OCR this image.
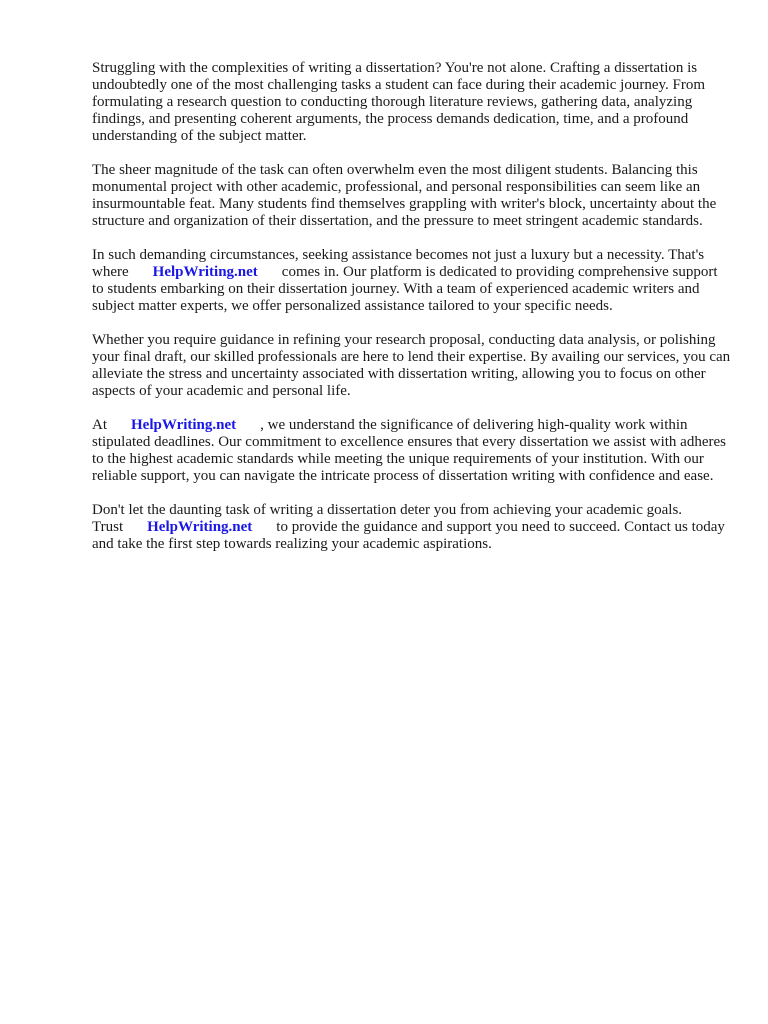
Struggling with the complexities of writing a dissertation? You're not alone. Crafting a dissertation is undoubtedly one of the most challenging tasks a student can face during their academic journey. From formulating a research question to conducting thorough literature reviews, gathering data, analyzing findings, and presenting coherent arguments, the process demands dedication, time, and a profound understanding of the subject matter.

The sheer magnitude of the task can often overwhelm even the most diligent students. Balancing this monumental project with other academic, professional, and personal responsibilities can seem like an insurmountable feat. Many students find themselves grappling with writer's block, uncertainty about the structure and organization of their dissertation, and the pressure to meet stringent academic standards.

In such demanding circumstances, seeking assistance becomes not just a luxury but a necessity. That's where HelpWriting.net comes in. Our platform is dedicated to providing comprehensive support to students embarking on their dissertation journey. With a team of experienced academic writers and subject matter experts, we offer personalized assistance tailored to your specific needs.

Whether you require guidance in refining your research proposal, conducting data analysis, or polishing your final draft, our skilled professionals are here to lend their expertise. By availing our services, you can alleviate the stress and uncertainty associated with dissertation writing, allowing you to focus on other aspects of your academic and personal life.

At HelpWriting.net , we understand the significance of delivering high-quality work within stipulated deadlines. Our commitment to excellence ensures that every dissertation we assist with adheres to the highest academic standards while meeting the unique requirements of your institution. With our reliable support, you can navigate the intricate process of dissertation writing with confidence and ease.

Don't let the daunting task of writing a dissertation deter you from achieving your academic goals.
Trust HelpWriting.net to provide the guidance and support you need to succeed. Contact us today and take the first step towards realizing your academic aspirations.
